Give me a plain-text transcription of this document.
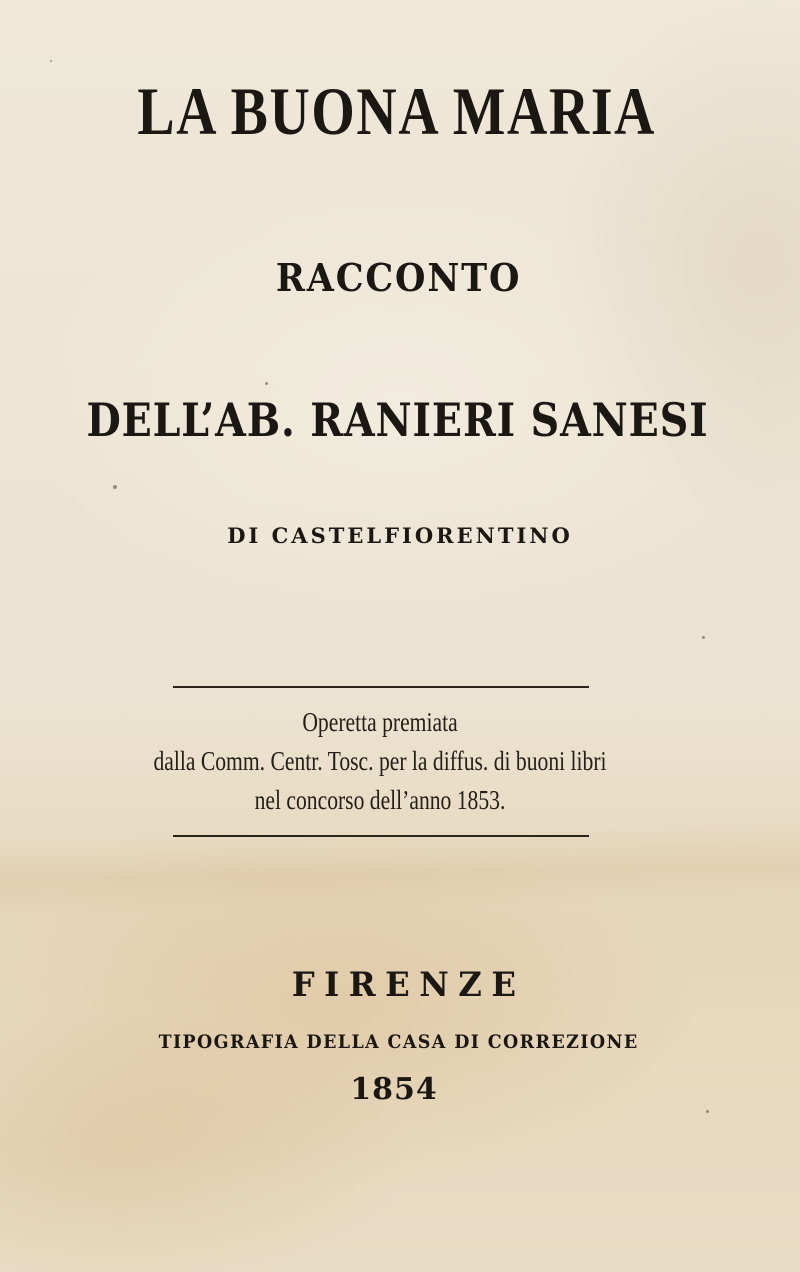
LA BUONA MARIA
RACCONTO
DELL’AB. RANIERI SANESI
DI CASTELFIORENTINO
Operetta premiata
dalla Comm. Centr. Tosc. per la diffus. di buoni libri
nel concorso dell’anno 1853.
FIRENZE
TIPOGRAFIA DELLA CASA DI CORREZIONE
1854
